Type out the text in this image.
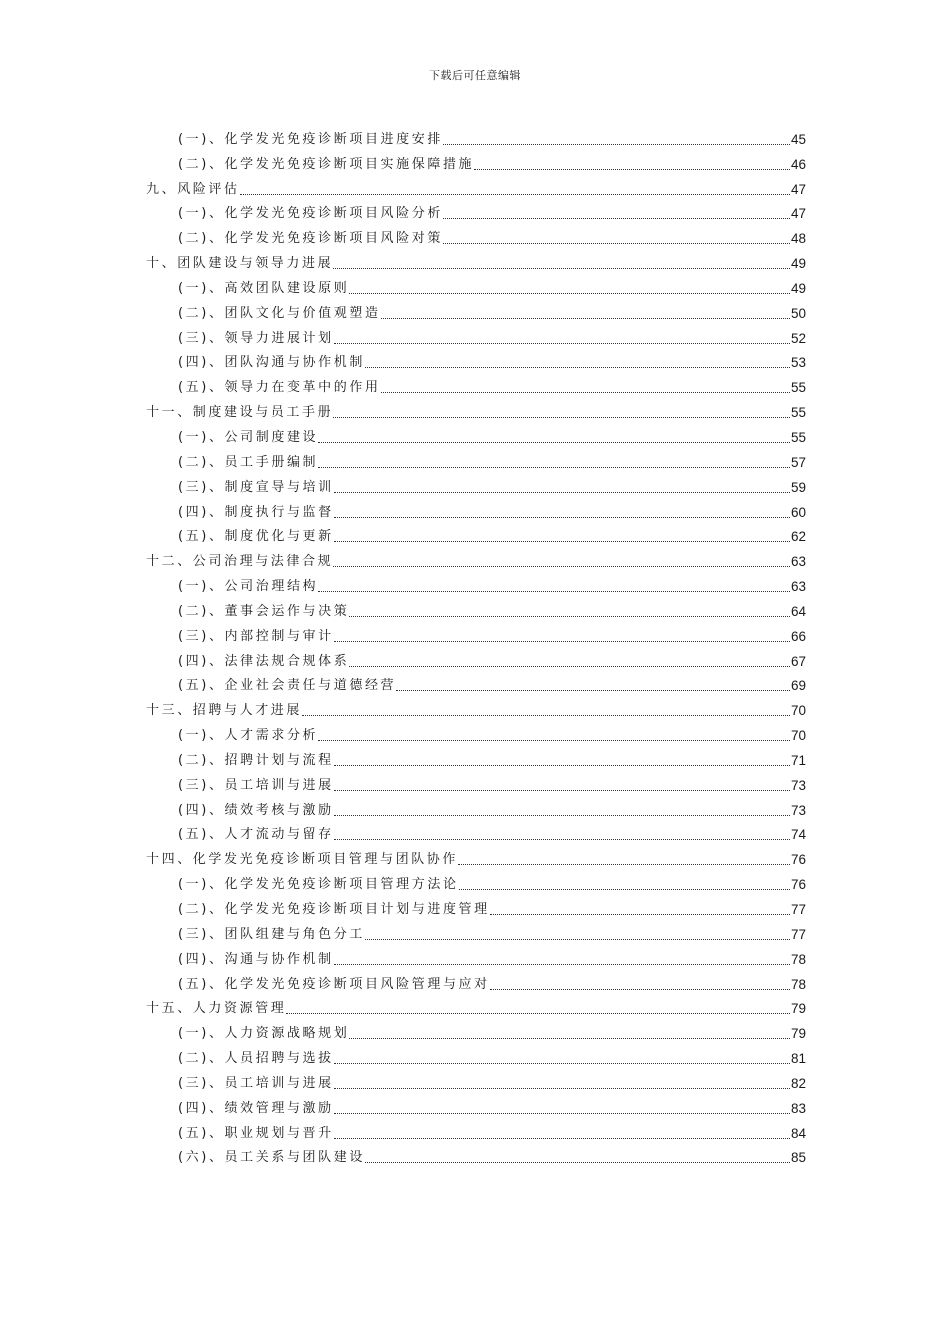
下载后可任意编辑
(一)、化学发光免疫诊断项目进度安排	45
(二)、化学发光免疫诊断项目实施保障措施	46
九、风险评估	47
(一)、化学发光免疫诊断项目风险分析	47
(二)、化学发光免疫诊断项目风险对策	48
十、团队建设与领导力进展	49
(一)、高效团队建设原则	49
(二)、团队文化与价值观塑造	50
(三)、领导力进展计划	52
(四)、团队沟通与协作机制	53
(五)、领导力在变革中的作用	55
十一、制度建设与员工手册	55
(一)、公司制度建设	55
(二)、员工手册编制	57
(三)、制度宣导与培训	59
(四)、制度执行与监督	60
(五)、制度优化与更新	62
十二、公司治理与法律合规	63
(一)、公司治理结构	63
(二)、董事会运作与决策	64
(三)、内部控制与审计	66
(四)、法律法规合规体系	67
(五)、企业社会责任与道德经营	69
十三、招聘与人才进展	70
(一)、人才需求分析	70
(二)、招聘计划与流程	71
(三)、员工培训与进展	73
(四)、绩效考核与激励	73
(五)、人才流动与留存	74
十四、化学发光免疫诊断项目管理与团队协作	76
(一)、化学发光免疫诊断项目管理方法论	76
(二)、化学发光免疫诊断项目计划与进度管理	77
(三)、团队组建与角色分工	77
(四)、沟通与协作机制	78
(五)、化学发光免疫诊断项目风险管理与应对	78
十五、人力资源管理	79
(一)、人力资源战略规划	79
(二)、人员招聘与选拔	81
(三)、员工培训与进展	82
(四)、绩效管理与激励	83
(五)、职业规划与晋升	84
(六)、员工关系与团队建设	85
